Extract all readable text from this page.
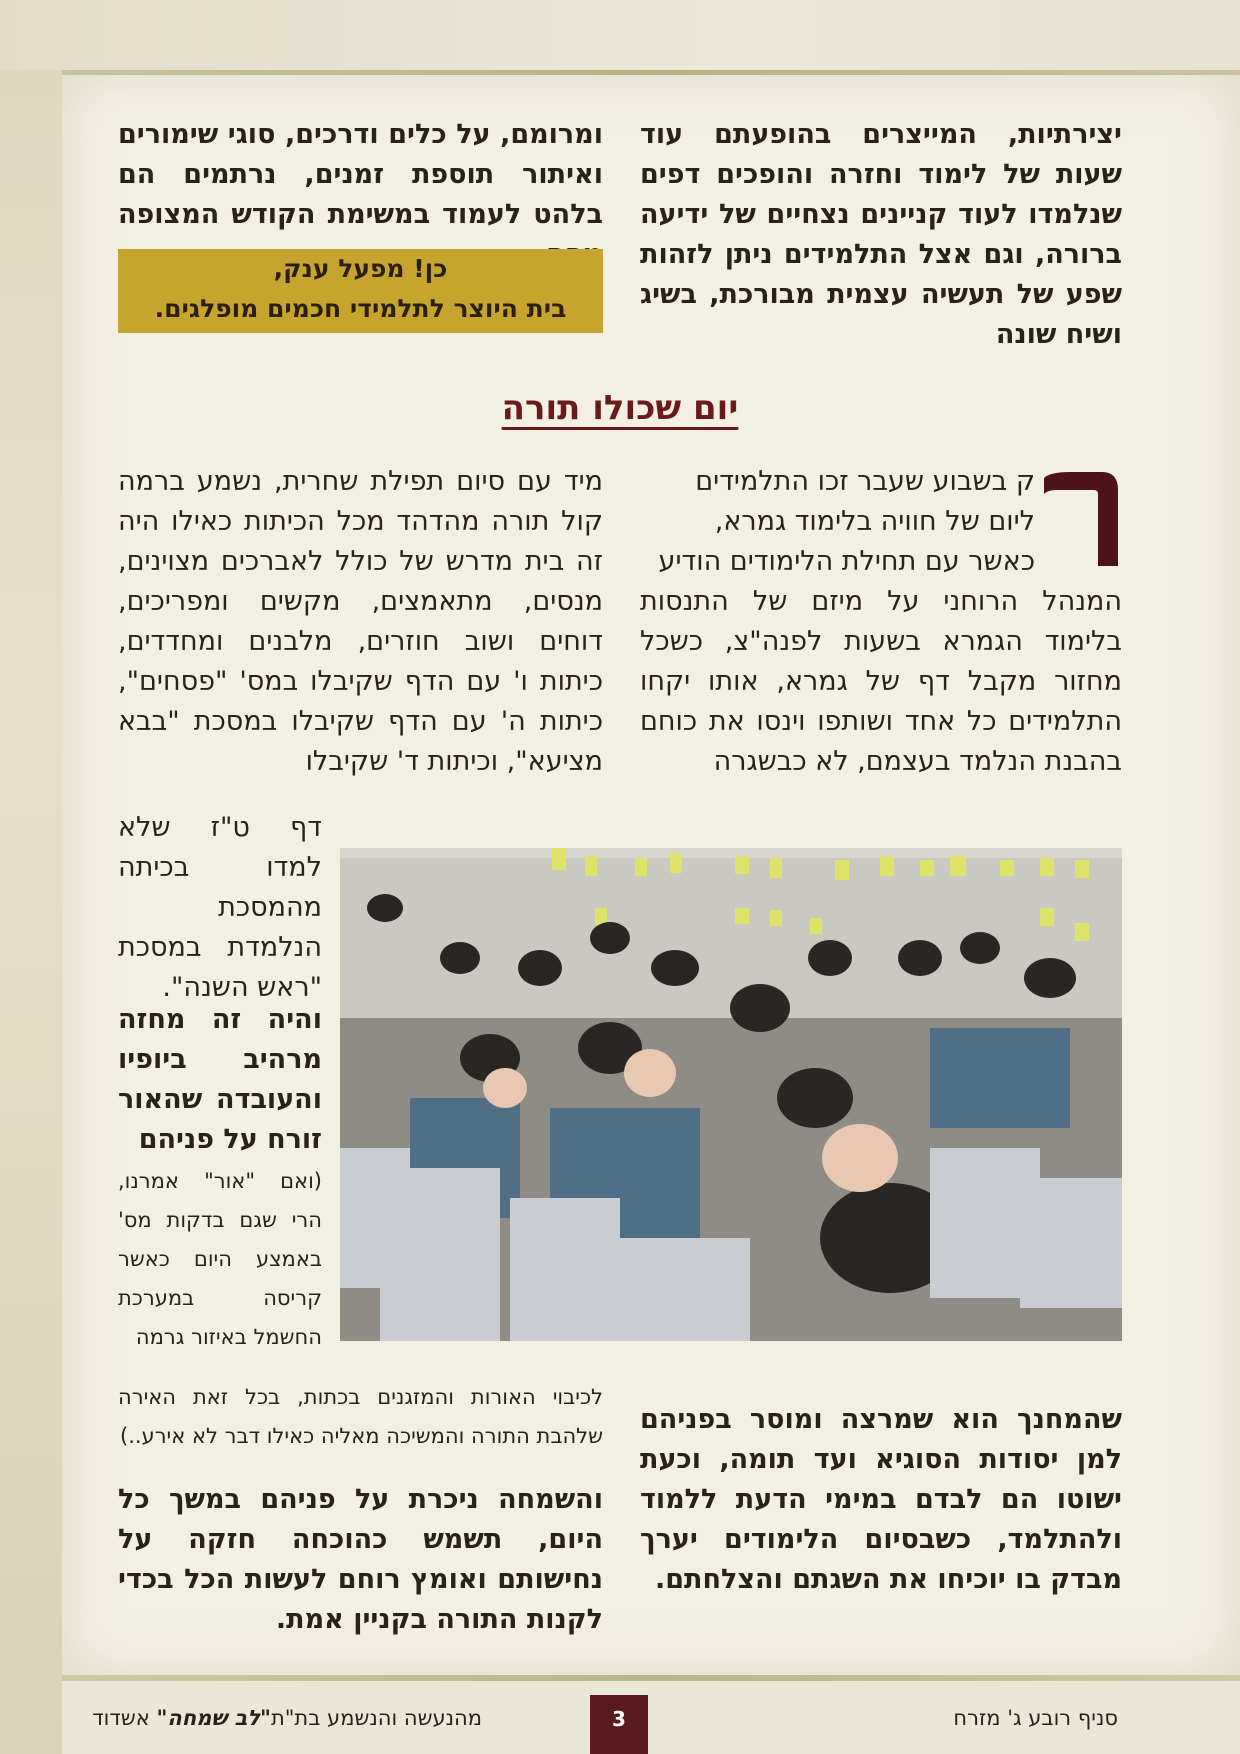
יצירתיות, המייצרים בהופעתם עוד שעות של לימוד וחזרה והופכים דפים שנלמדו לעוד קניינים נצחיים של ידיעה ברורה, וגם אצל התלמידים ניתן לזהות שפע של תעשיה עצמית מבורכת, בשיג ושיח שונה

ומרומם, על כלים ודרכים, סוגי שימורים ואיתור תוספת זמנים, נרתמים הם בלהט לעמוד במשימת הקודש המצופה

כן! מפעל ענק,

בית היוצר לתלמידי חכמים מופלגים.

יום שכולו תורה

ק בשבוע שעבר זכו התלמידים

ליום של חוויה בלימוד גמרא,

כאשר עם תחילת הלימודים הודיע

המנהל הרוחני על מיזם של התנסות בלימוד הגמרא בשעות לפנה"צ, כשכל מחזור מקבל דף של גמרא, אותו יקחו התלמידים כל אחד ושותפו וינסו את כוחם בהבנת הנלמד בעצמם, לא כבשגרה

מיד עם סיום תפילת שחרית, נשמע ברמה קול תורה מהדהד מכל הכיתות כאילו היה זה בית מדרש של כולל לאברכים מצוינים, מנסים, מתאמצים, מקשים ומפריכים, דוחים ושוב חוזרים, מלבנים ומחדדים, כיתות ו' עם הדף שקיבלו במס' "פסחים", כיתות ה' עם הדף שקיבלו במסכת "בבא מציעא", וכיתות ד' שקיבלו

דף ט"ז שלא למדו בכיתה מהמסכת הנלמדת במסכת "ראש השנה".

והיה זה מחזה מרהיב ביופיו והעובדה שהאור זורח על פניהם

(ואם "אור" אמרנו, הרי שגם בדקות מס' באמצע היום כאשר קריסה במערכת החשמל באיזור גרמה

לכיבוי האורות והמזגנים בכתות, בכל זאת האירה שלהבת התורה והמשיכה מאליה כאילו דבר לא אירע..)

והשמחה ניכרת על פניהם במשך כל היום, תשמש כהוכחה חזקה על נחישותם ואומץ רוחם לעשות הכל בכדי לקנות התורה בקניין אמת.

שהמחנך הוא שמרצה ומוסר בפניהם למן יסודות הסוגיא ועד תומה, וכעת ישוטו הם לבדם במימי הדעת ללמוד ולהתלמד, כשבסיום הלימודים יערך מבדק בו יוכיחו את השגתם והצלחתם.

3	סניף רובע ג' מזרח

מהנעשה והנשמע בת"ת"לב שמחה" אשדוד
